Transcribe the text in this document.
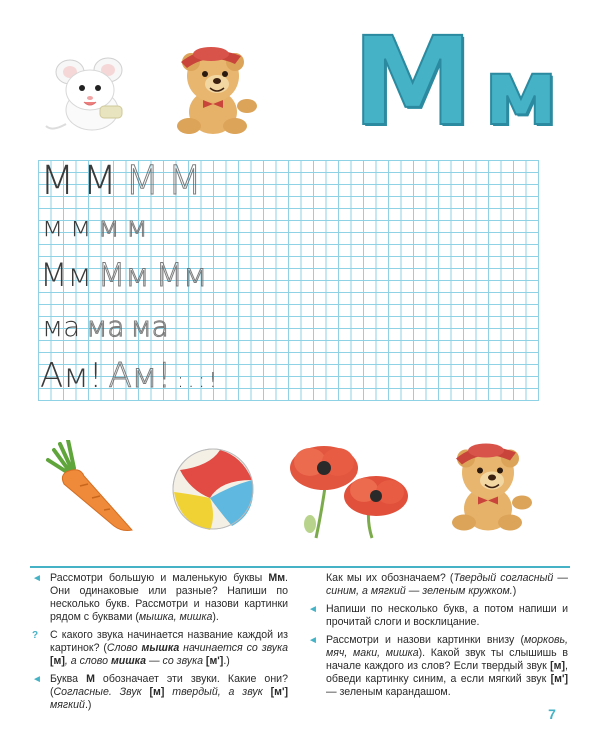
М м
М М М М
м м м м
Мм Мм Мм
ма ма ма
Ам! Ам! :.:!

◄ Рассмотри большую и маленькую буквы Мм. Они одинаковые или разные? Напиши по несколько букв. Рассмотри и назови картинки рядом с буквами (мышка, мишка).

? С какого звука начинается название каждой из картинок? (Слово мышка начинается со звука [м], а слово мишка — со звука [м'].)

◄ Буква М обозначает эти звуки. Какие они? (Согласные. Звук [м] твердый, а звук [м'] мягкий.)

Как мы их обозначаем? (Твердый согласный — синим, а мягкий — зеленым кружком.)

◄ Напиши по несколько букв, а потом напиши и прочитай слоги и восклицание.

◄ Рассмотри и назови картинки внизу (морковь, мяч, маки, мишка). Какой звук ты слышишь в начале каждого из слов? Если твердый звук [м], обведи картинку синим, а если мягкий звук [м'] — зеленым карандашом.

7
